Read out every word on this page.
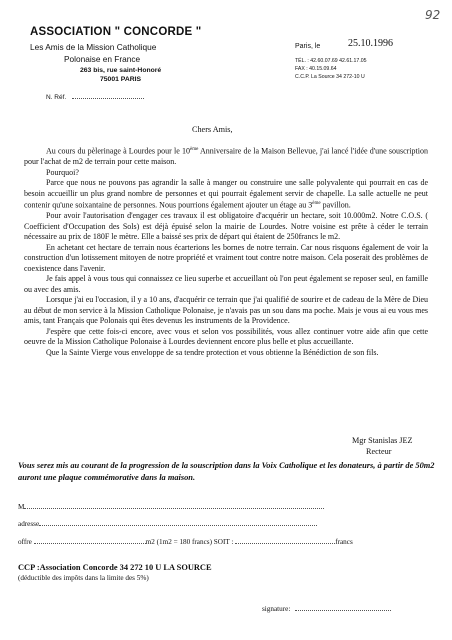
92
ASSOCIATION " CONCORDE "
Les Amis de la Mission Catholique
Polonaise en France
263 bis, rue saint-Honoré
75001 PARIS
Paris, le	25.10.1996
TÉL. : 42.60.07.69 42.61.17.05
FAX : 40.15.09.64
C.C.P. La Source 34 272-10 U
N. Réf.
Chers Amis,

Au cours du pèlerinage à Lourdes pour le 10ème Anniversaire de la Maison Bellevue, j'ai lancé l'idée d'une souscription pour l'achat de m2 de terrain pour cette maison.

Pourquoi?

Parce que nous ne pouvons pas agrandir la salle à manger ou construire une salle polyvalente qui pourrait en cas de besoin accueillir un plus grand nombre de personnes et qui pourrait également servir de chapelle. La salle actuelle ne peut contenir qu'une soixantaine de personnes. Nous pourrions également ajouter un étage au 3ème pavillon.

Pour avoir l'autorisation d'engager ces travaux il est obligatoire d'acquérir un hectare, soit 10.000m2. Notre C.O.S. ( Coefficient d'Occupation des Sols) est déjà épuisé selon la mairie de Lourdes. Notre voisine est prête à céder le terrain nécessaire au prix de 180F le mètre. Elle a baissé ses prix de départ qui étaient de 250francs le m2.

En achetant cet hectare de terrain nous écarterions les bornes de notre terrain. Car nous risquons également de voir la construction d'un lotissement mitoyen de notre propriété et vraiment tout contre notre maison. Cela poserait des problèmes de coexistence dans l'avenir.

Je fais appel à vous tous qui connaissez ce lieu superbe et accueillant où l'on peut également se reposer seul, en famille ou avec des amis.

Lorsque j'ai eu l'occasion, il y a 10 ans, d'acquérir ce terrain que j'ai qualifié de sourire et de cadeau de la Mère de Dieu au début de mon service à la Mission Catholique Polonaise, je n'avais pas un sou dans ma poche. Mais je vous ai eu vous mes amis, tant Français que Polonais qui êtes devenus les instruments de la Providence.

J'espère que cette fois-ci encore, avec vous et selon vos possibilités, vous allez continuer votre aide afin que cette oeuvre de la Mission Catholique Polonaise à Lourdes deviennent encore plus belle et plus accueillante.

Que la Sainte Vierge vous enveloppe de sa tendre protection et vous obtienne la Bénédiction de son fils.

Mgr Stanislas JEZ
Recteur
Vous serez mis au courant de la progression de la souscription dans la Voix Catholique et les donateurs, à partir de 50m2 auront une plaque commémorative dans la maison.
M
adresse
offre	m2 (1m2 = 180 francs) SOIT :	francs
CCP :Association Concorde 34 272 10 U LA SOURCE
(déductible des impôts dans la limite des 5%)
signature:
